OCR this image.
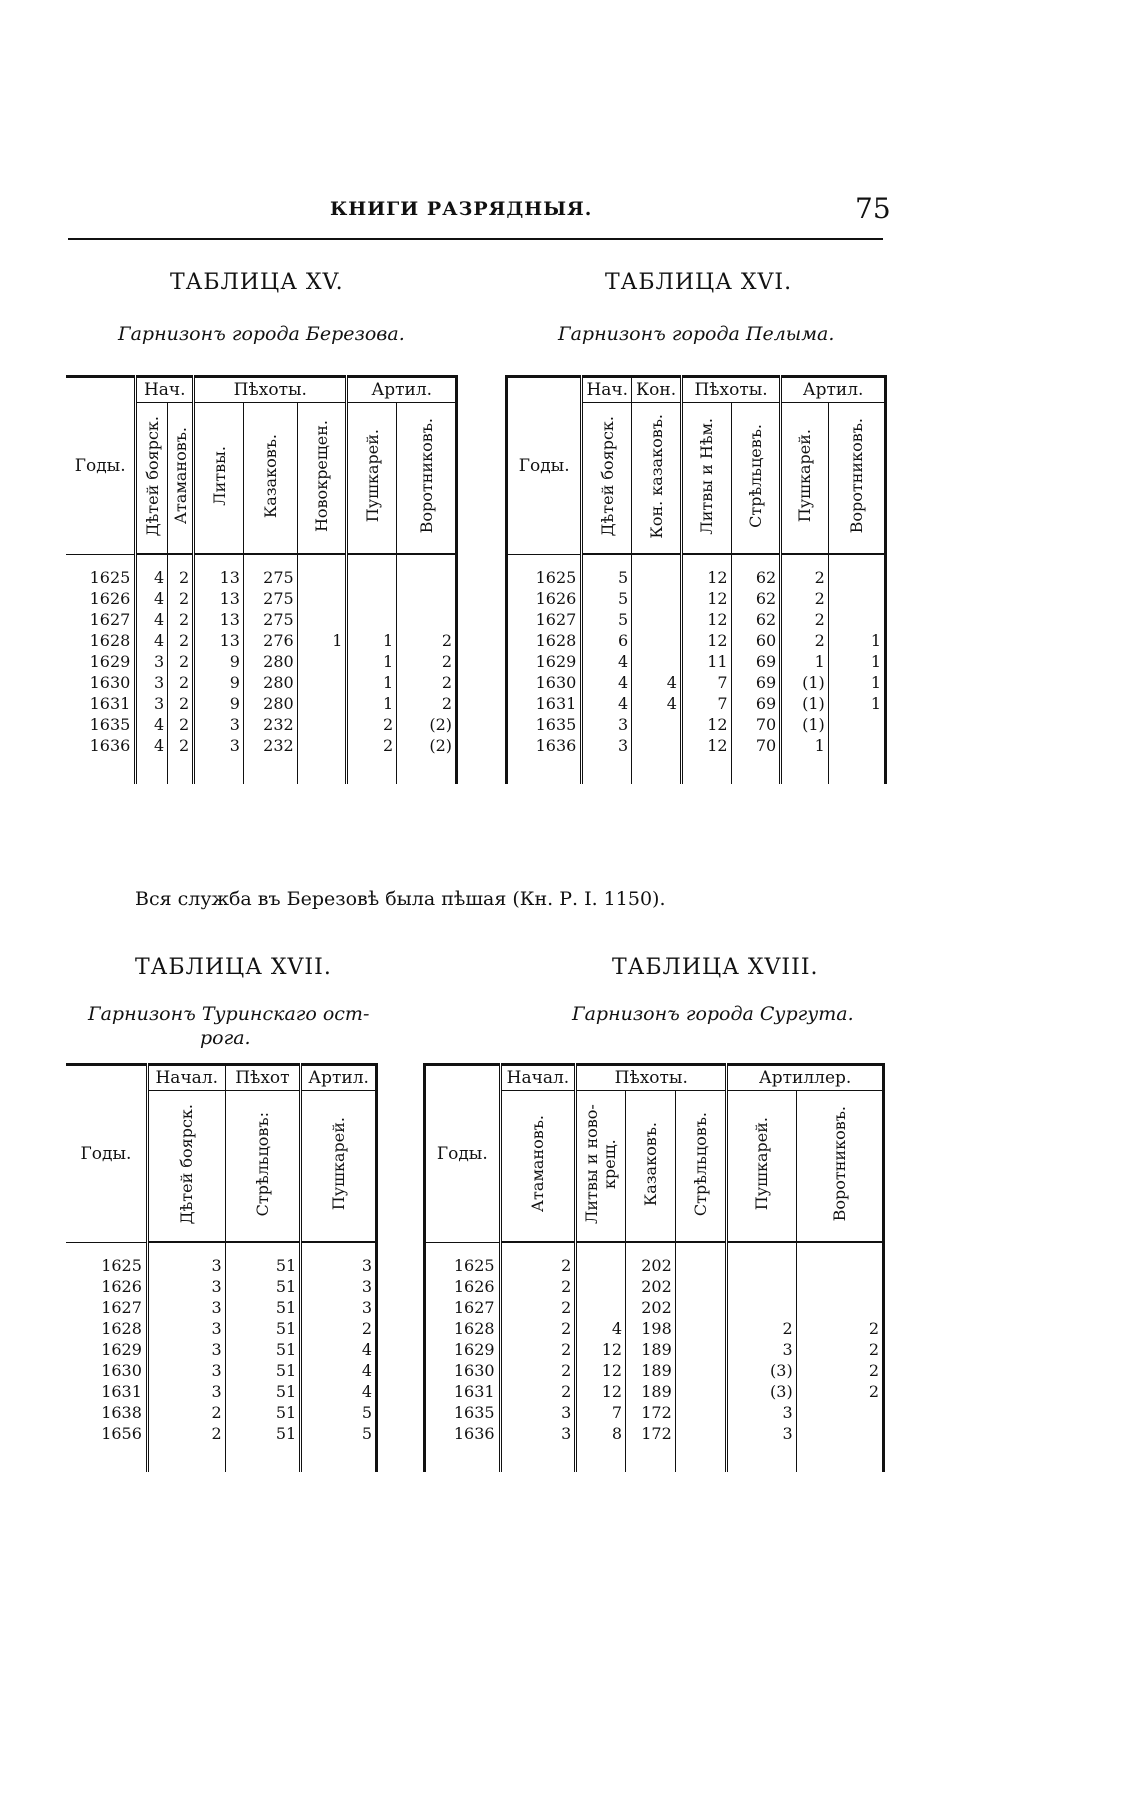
КНИГИ РАЗРЯДНЫЯ.	75
ТАБЛИЦА XV.
Гарнизонъ города Березова.
Годы.	Нач.		Пѣхоты.			Артил.	
	Дѣтей боярск.	Атамановъ.	Литвы.	Казаковъ.	Новокрещен.	Пушкарей.	Воротниковъ.

1625	4	2	13	275			
1626	4	2	13	275			
1627	4	2	13	275			
1628	4	2	13	276	1	1	2
1629	3	2	9	280		1	2
1630	3	2	9	280		1	2
1631	3	2	9	280		1	2
1635	4	2	3	232		2	(2)
1636	4	2	3	232		2	(2)

ТАБЛИЦА XVI.
Гарнизонъ города Пелыма.
Годы.	Нач.	Кон.	Пѣхоты.		Артил.	
	Дѣтей боярск.	Кон. казаковъ.	Литвы и Нѣм.	Стрѣльцевъ.	Пушкарей.	Воротниковъ.

1625	5		12	62	2	
1626	5		12	62	2	
1627	5		12	62	2	
1628	6		12	60	2	1
1629	4		11	69	1	1
1630	4	4	7	69	(1)	1
1631	4	4	7	69	(1)	1
1635	3		12	70	(1)	
1636	3		12	70	1	

Вся служба въ Березовѣ была пѣшая (Кн. Р. I. 1150).
ТАБЛИЦА XVII.
Гарнизонъ Туринскаго ост-
рога.
Годы.	Начал.	Пѣхот	Артил.
	Дѣтей боярск.	Стрѣльцовъ:	Пушкарей.

1625	3	51	3
1626	3	51	3
1627	3	51	3
1628	3	51	2
1629	3	51	4
1630	3	51	4
1631	3	51	4
1638	2	51	5
1656	2	51	5

ТАБЛИЦА XVIII.
Гарнизонъ города Сургута.
Годы.	Начал.	Пѣхоты.			Артиллер.	
	Атамановъ.	Литвы и ново-крещ.	Казаковъ.	Стрѣльцовъ.	Пушкарей.	Воротниковъ.

1625	2		202			
1626	2		202			
1627	2		202			
1628	2	4	198		2	2
1629	2	12	189		3	2
1630	2	12	189		(3)	2
1631	2	12	189		(3)	2
1635	3	7	172		3	
1636	3	8	172		3	
